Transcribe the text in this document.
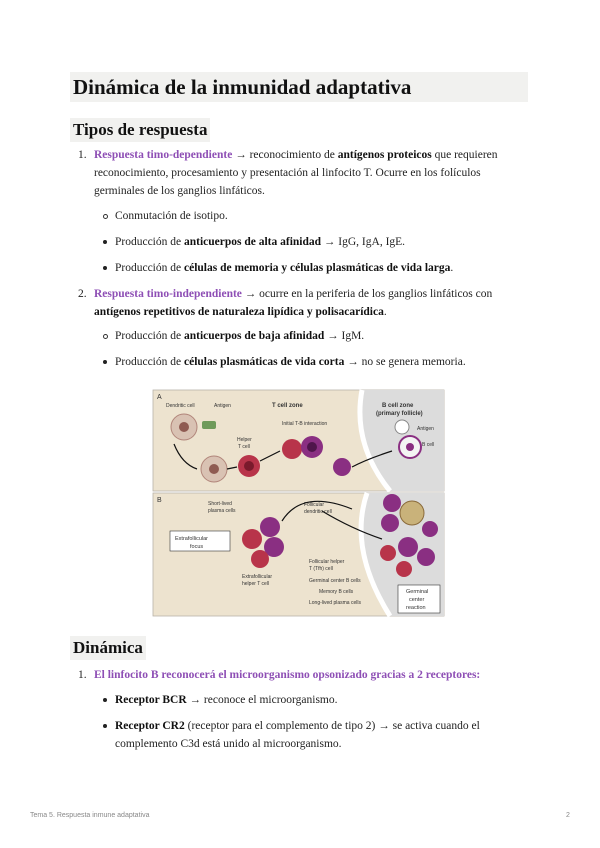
Dinámica de la inmunidad adaptativa
Tipos de respuesta
1. Respuesta timo-dependiente → reconocimiento de antígenos proteicos que requieren
reconocimiento, procesamiento y presentación al linfocito T. Ocurre en los folículos
germinales de los ganglios linfáticos.
Conmutación de isotipo.
Producción de anticuerpos de alta afinidad → IgG, IgA, IgE.
Producción de células de memoria y células plasmáticas de vida larga.
2. Respuesta timo-independiente → ocurre en la periferia de los ganglios linfáticos con
antígenos repetitivos de naturaleza lipídica y polisacarídica.
Producción de anticuerpos de baja afinidad → IgM.
Producción de células plasmáticas de vida corta → no se genera memoria.
A
Dendritic cell	Antigen	T cell zone	B cell zone
(primary follicle)
Initial T-B interaction
Helper
T cell
Antigen
B cell
B	Short-lived
plasma cells
Follicular
dendritic cell
Extrafollicular
focus
Follicular helper
T (Tfh) cell
Germinal center B cells
Memory B cells
Long-lived plasma cells
Extrafollicular
helper T cell
Germinal
center
reaction
Dinámica
1. El linfocito B reconocerá el microorganismo opsonizado gracias a 2 receptores:
Receptor BCR → reconoce el microorganismo.
Receptor CR2 (receptor para el complemento de tipo 2) → se activa cuando el
complemento C3d está unido al microorganismo.
Tema 5. Respuesta inmune adaptativa	2
